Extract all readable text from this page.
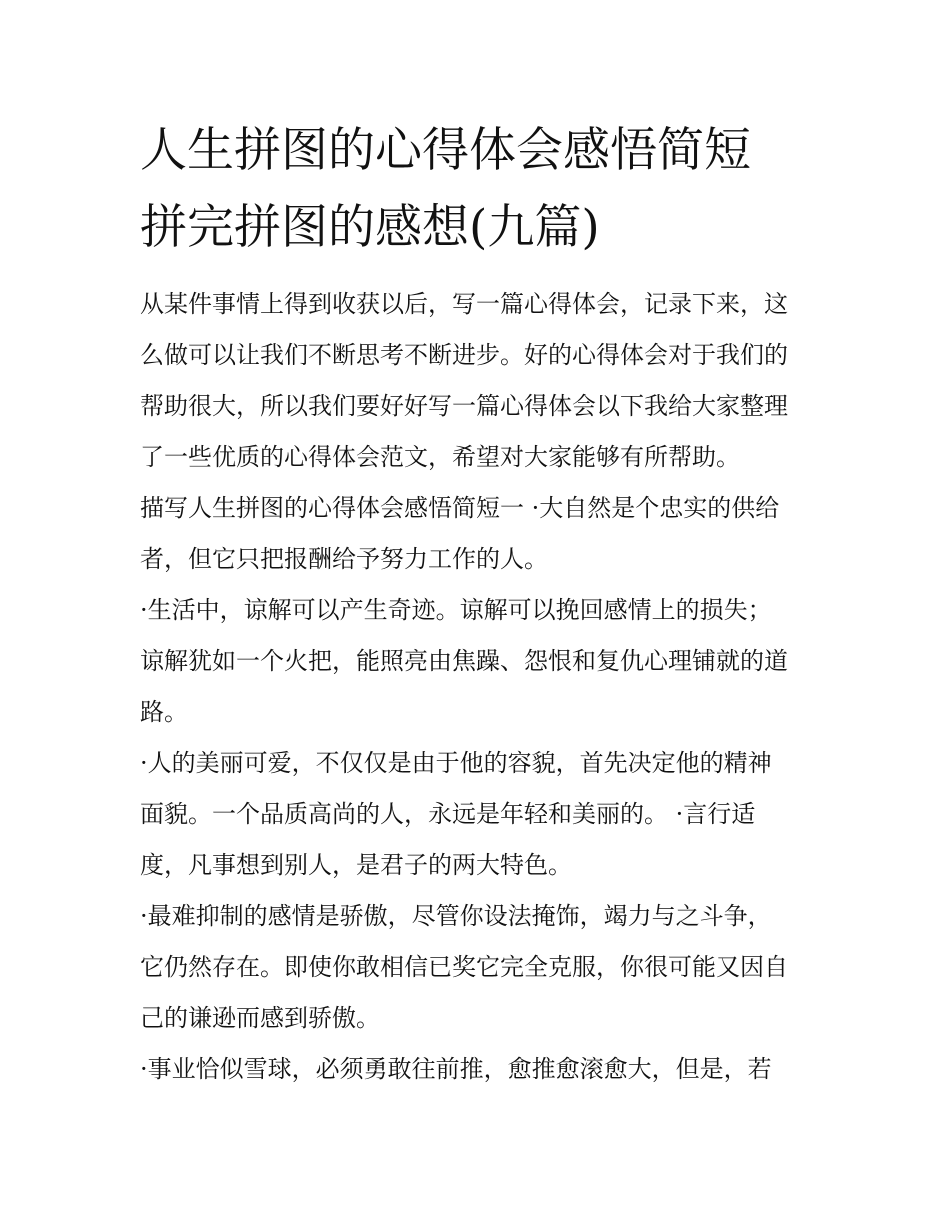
人生拼图的心得体会感悟简短
拼完拼图的感想(九篇)
从某件事情上得到收获以后，写一篇心得体会，记录下来，这
么做可以让我们不断思考不断进步。好的心得体会对于我们的
帮助很大，所以我们要好好写一篇心得体会以下我给大家整理
了一些优质的心得体会范文，希望对大家能够有所帮助。
描写人生拼图的心得体会感悟简短一 ·大自然是个忠实的供给
者，但它只把报酬给予努力工作的人。
·生活中，谅解可以产生奇迹。谅解可以挽回感情上的损失；
谅解犹如一个火把，能照亮由焦躁、怨恨和复仇心理铺就的道
路。
·人的美丽可爱，不仅仅是由于他的容貌，首先决定他的精神
面貌。一个品质高尚的人，永远是年轻和美丽的。 ·言行适
度，凡事想到别人，是君子的两大特色。
·最难抑制的感情是骄傲，尽管你设法掩饰，竭力与之斗争，
它仍然存在。即使你敢相信已奖它完全克服，你很可能又因自
己的谦逊而感到骄傲。
·事业恰似雪球，必须勇敢往前推，愈推愈滚愈大，但是，若
